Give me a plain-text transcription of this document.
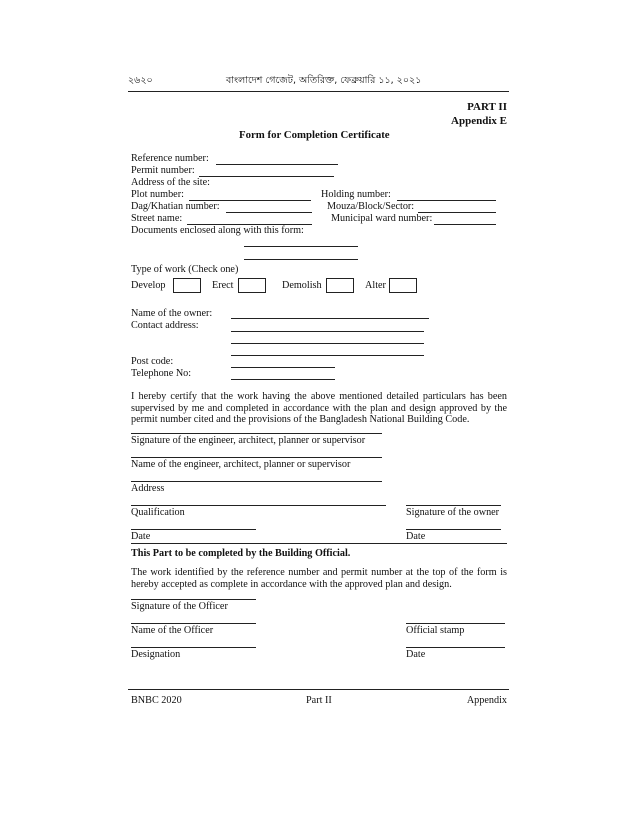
২৬২০	বাংলাদেশ গেজেট, অতিরিক্ত, ফেব্রুয়ারি ১১, ২০২১
PART II
Appendix E
Form for Completion Certificate
Reference number:
Permit number:
Address of the site:
Plot number:	Holding number:
Dag/Khatian number:	Mouza/Block/Sector:
Street name:	Municipal ward number:
Documents enclosed along with this form:
Type of work (Check one)
Develop	Erect	Demolish	Alter
Name of the owner:
Contact address:
Post code:
Telephone No:
I hereby certify that the work having the above mentioned detailed particulars has been supervised by me and completed in accordance with the plan and design approved by the permit number cited and the provisions of the Bangladesh National Building Code.
Signature of the engineer, architect, planner or supervisor
Name of the engineer, architect, planner or supervisor
Address
Qualification	Signature of the owner
Date	Date
This Part to be completed by the Building Official.
The work identified by the reference number and permit number at the top of the form is hereby accepted as complete in accordance with the approved plan and design.
Signature of the Officer
Name of the Officer	Official stamp
Designation	Date
BNBC 2020	Part II	Appendix
